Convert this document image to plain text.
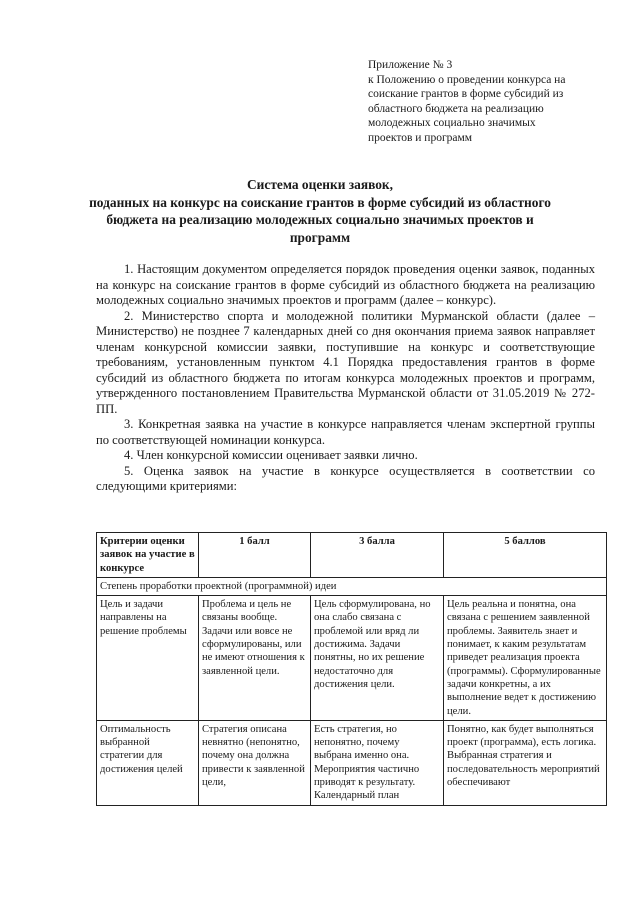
Приложение № 3
к Положению о проведении конкурса на
соискание грантов в форме субсидий из
областного бюджета на реализацию
молодежных социально значимых
проектов и программ
Система оценки заявок,
поданных на конкурс на соискание грантов в форме субсидий из областного
бюджета на реализацию молодежных социально значимых проектов и
программ

1. Настоящим документом определяется порядок проведения оценки заявок, поданных на конкурс на соискание грантов в форме субсидий из областного бюджета на реализацию молодежных социально значимых проектов и программ (далее – конкурс).

2. Министерство спорта и молодежной политики Мурманской области (далее – Министерство) не позднее 7 календарных дней со дня окончания приема заявок направляет членам конкурсной комиссии заявки, поступившие на конкурс и соответствующие требованиям, установленным пунктом 4.1 Порядка предоставления грантов в форме субсидий из областного бюджета по итогам конкурса молодежных проектов и программ, утвержденного постановлением Правительства Мурманской области от 31.05.2019 № 272-ПП.

3. Конкретная заявка на участие в конкурсе направляется членам экспертной группы по соответствующей номинации конкурса.

4. Член конкурсной комиссии оценивает заявки лично.

5. Оценка заявок на участие в конкурсе осуществляется в соответствии со следующими критериями:

Критерии оценки заявок на участие в конкурсе	1 балл	3 балла	5 баллов
Степень проработки проектной (программной) идеи			
Цель и задачи направлены на решение проблемы	Проблема и цель не связаны вообще. Задачи или вовсе не сформулированы, или не имеют отношения к заявленной цели.	Цель сформулирована, но она слабо связана с проблемой или вряд ли достижима. Задачи понятны, но их решение недостаточно для достижения цели.	Цель реальна и понятна, она связана с решением заявленной проблемы. Заявитель знает и понимает, к каким результатам приведет реализация проекта (программы). Сформулированные задачи конкретны, а их выполнение ведет к достижению цели.
Оптимальность выбранной стратегии для достижения целей	Стратегия описана невнятно (непонятно, почему она должна привести к заявленной цели,	Есть стратегия, но непонятно, почему выбрана именно она. Мероприятия частично приводят к результату. Календарный план	Понятно, как будет выполняться проект (программа), есть логика. Выбранная стратегия и последовательность мероприятий обеспечивают
